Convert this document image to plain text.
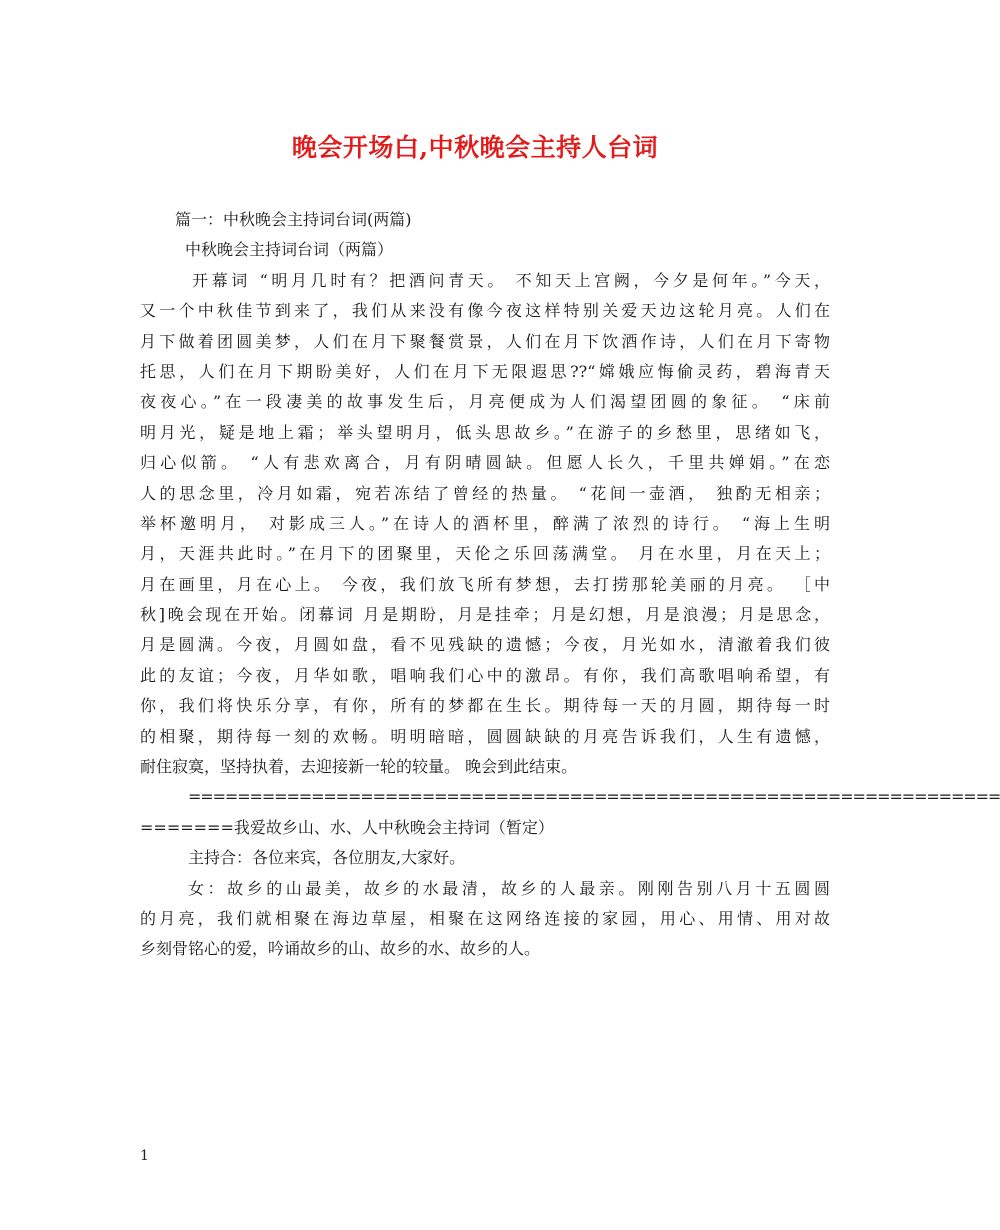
晚会开场白,中秋晚会主持人台词
篇一：中秋晚会主持词台词(两篇)
中秋晚会主持词台词（两篇）
开幕词 “明月几时有？把酒问青天。 不知天上宫阙，今夕是何年。”今天，
又一个中秋佳节到来了，我们从来没有像今夜这样特别关爱天边这轮月亮。人们在
月下做着团圆美梦，人们在月下聚餐赏景，人们在月下饮酒作诗，人们在月下寄物
托思，人们在月下期盼美好，人们在月下无限遐思??“嫦娥应悔偷灵药，碧海青天
夜夜心。”在一段凄美的故事发生后，月亮便成为人们渴望团圆的象征。 “床前
明月光，疑是地上霜；举头望明月，低头思故乡。”在游子的乡愁里，思绪如飞，
归心似箭。 “人有悲欢离合，月有阴晴圆缺。但愿人长久，千里共婵娟。”在恋
人的思念里，冷月如霜，宛若冻结了曾经的热量。 “花间一壶酒， 独酌无相亲；
举杯邀明月， 对影成三人。”在诗人的酒杯里，醉满了浓烈的诗行。 “海上生明
月，天涯共此时。”在月下的团聚里，天伦之乐回荡满堂。 月在水里，月在天上；
月在画里，月在心上。 今夜，我们放飞所有梦想，去打捞那轮美丽的月亮。 ［中
秋]晚会现在开始。闭幕词 月是期盼，月是挂牵；月是幻想，月是浪漫；月是思念，
月是圆满。今夜，月圆如盘，看不见残缺的遗憾；今夜，月光如水，清澈着我们彼
此的友谊；今夜，月华如歌，唱响我们心中的激昂。有你，我们高歌唱响希望，有
你，我们将快乐分享，有你，所有的梦都在生长。期待每一天的月圆，期待每一时
的相聚，期待每一刻的欢畅。明明暗暗，圆圆缺缺的月亮告诉我们，人生有遗憾，
耐住寂寞，坚持执着，去迎接新一轮的较量。 晚会到此结束。
==================================================================
=======我爱故乡山、水、人中秋晚会主持词（暂定）
主持合：各位来宾，各位朋友,大家好。
女：故乡的山最美，故乡的水最清，故乡的人最亲。刚刚告别八月十五圆圆
的月亮，我们就相聚在海边草屋，相聚在这网络连接的家园，用心、用情、用对故
乡刻骨铭心的爱，吟诵故乡的山、故乡的水、故乡的人。
1
